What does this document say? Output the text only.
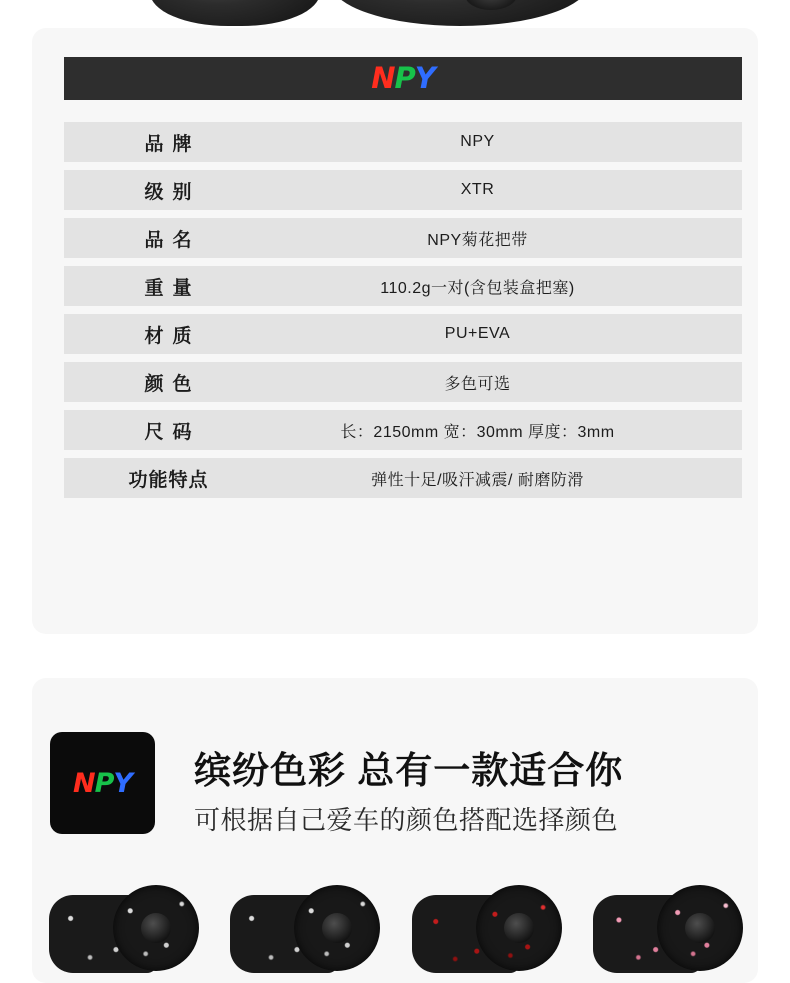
NPY
品牌	NPY
级别	XTR
品名	NPY菊花把带
重量	110.2g一对(含包装盒把塞)
材质	PU+EVA
颜色	多色可选
尺码	长：2150mm 宽：30mm 厚度：3mm
功能特点	弹性十足/吸汗减震/ 耐磨防滑
NPY 缤纷色彩 总有一款适合你
可根据自己爱车的颜色搭配选择颜色
